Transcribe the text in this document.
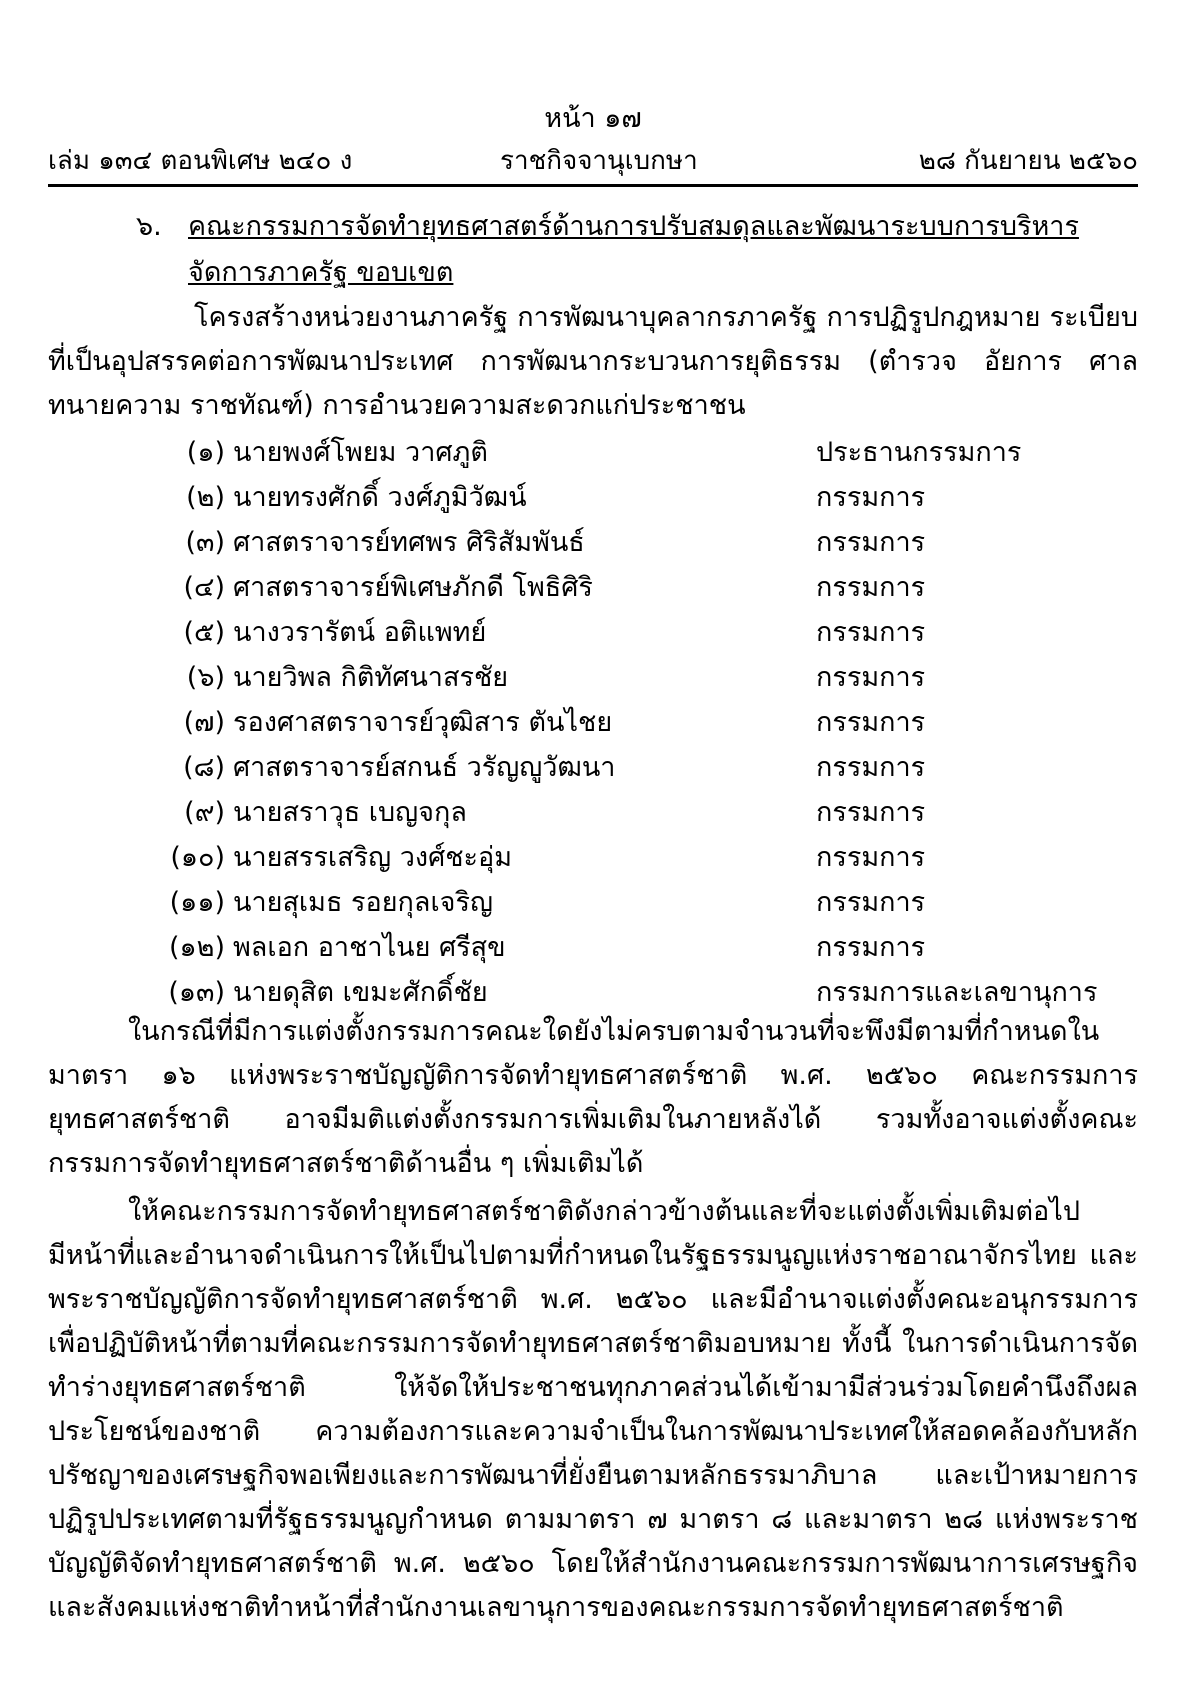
หน้า ๑๗
เล่ม ๑๓๔ ตอนพิเศษ ๒๔๐ ง	ราชกิจจานุเบกษา	๒๘ กันยายน ๒๕๖๐
๖. คณะกรรมการจัดทำยุทธศาสตร์ด้านการปรับสมดุลและพัฒนาระบบการบริหารจัดการภาครัฐ ขอบเขต
โครงสร้างหน่วยงานภาครัฐ การพัฒนาบุคลากรภาครัฐ การปฏิรูปกฎหมาย ระเบียบที่เป็นอุปสรรคต่อการพัฒนาประเทศ การพัฒนากระบวนการยุติธรรม (ตำรวจ อัยการ ศาล ทนายความ ราชทัณฑ์) การอำนวยความสะดวกแก่ประชาชน
(๑) นายพงศ์โพยม วาศภูติ	ประธานกรรมการ
(๒) นายทรงศักดิ์ วงศ์ภูมิวัฒน์	กรรมการ
(๓) ศาสตราจารย์ทศพร ศิริสัมพันธ์	กรรมการ
(๔) ศาสตราจารย์พิเศษภักดี โพธิศิริ	กรรมการ
(๕) นางวรารัตน์ อติแพทย์	กรรมการ
(๖) นายวิพล กิติทัศนาสรชัย	กรรมการ
(๗) รองศาสตราจารย์วุฒิสาร ตันไชย	กรรมการ
(๘) ศาสตราจารย์สกนธ์ วรัญญูวัฒนา	กรรมการ
(๙) นายสราวุธ เบญจกุล	กรรมการ
(๑๐) นายสรรเสริญ วงศ์ชะอุ่ม	กรรมการ
(๑๑) นายสุเมธ รอยกุลเจริญ	กรรมการ
(๑๒) พลเอก อาชาไนย ศรีสุข	กรรมการ
(๑๓) นายดุสิต เขมะศักดิ์ชัย	กรรมการและเลขานุการ
ในกรณีที่มีการแต่งตั้งกรรมการคณะใดยังไม่ครบตามจำนวนที่จะพึงมีตามที่กำหนดในมาตรา ๑๖ แห่งพระราชบัญญัติการจัดทำยุทธศาสตร์ชาติ พ.ศ. ๒๕๖๐ คณะกรรมการยุทธศาสตร์ชาติ อาจมีมติแต่งตั้งกรรมการเพิ่มเติมในภายหลังได้ รวมทั้งอาจแต่งตั้งคณะกรรมการจัดทำยุทธศาสตร์ชาติด้านอื่น ๆ เพิ่มเติมได้
ให้คณะกรรมการจัดทำยุทธศาสตร์ชาติดังกล่าวข้างต้นและที่จะแต่งตั้งเพิ่มเติมต่อไป มีหน้าที่และอำนาจดำเนินการให้เป็นไปตามที่กำหนดในรัฐธรรมนูญแห่งราชอาณาจักรไทย และพระราชบัญญัติการจัดทำยุทธศาสตร์ชาติ พ.ศ. ๒๕๖๐ และมีอำนาจแต่งตั้งคณะอนุกรรมการเพื่อปฏิบัติหน้าที่ตามที่คณะกรรมการจัดทำยุทธศาสตร์ชาติมอบหมาย ทั้งนี้ ในการดำเนินการจัดทำร่างยุทธศาสตร์ชาติ ให้จัดให้ประชาชนทุกภาคส่วนได้เข้ามามีส่วนร่วมโดยคำนึงถึงผลประโยชน์ของชาติ ความต้องการและความจำเป็นในการพัฒนาประเทศให้สอดคล้องกับหลักปรัชญาของเศรษฐกิจพอเพียงและการพัฒนาที่ยั่งยืนตามหลักธรรมาภิบาล และเป้าหมายการปฏิรูปประเทศตามที่รัฐธรรมนูญกำหนด ตามมาตรา ๗ มาตรา ๘ และมาตรา ๒๘ แห่งพระราชบัญญัติจัดทำยุทธศาสตร์ชาติ พ.ศ. ๒๕๖๐ โดยให้สำนักงานคณะกรรมการพัฒนาการเศรษฐกิจและสังคมแห่งชาติทำหน้าที่สำนักงานเลขานุการของคณะกรรมการจัดทำยุทธศาสตร์ชาติ
